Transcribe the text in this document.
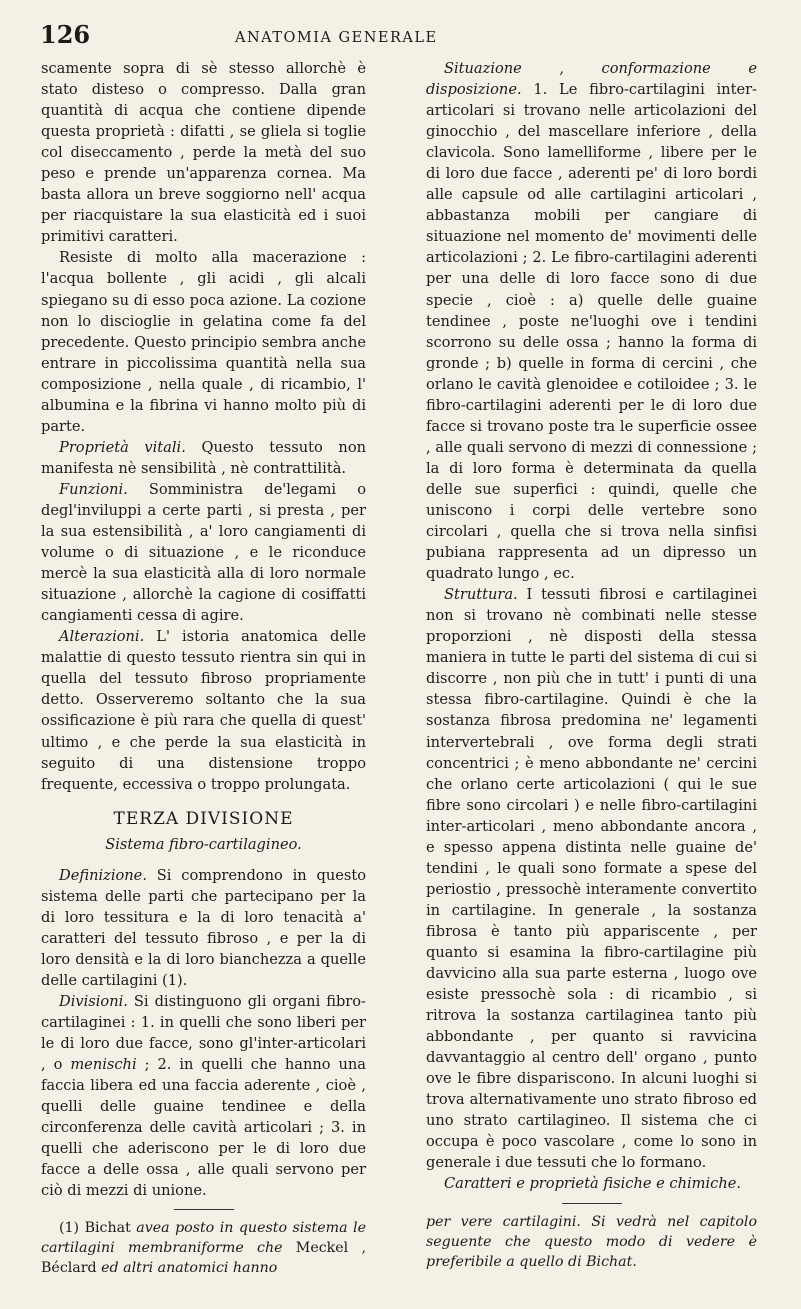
126	ANATOMIA GENERALE

scamente sopra di sè stesso allorchè è stato disteso o compresso. Dalla gran quantità di acqua che contiene dipende questa proprietà : difatti , se gliela si toglie col diseccamento , perde la metà del suo peso e prende un'apparenza cornea. Ma basta allora un breve soggiorno nell' acqua per riacquistare la sua elasticità ed i suoi primitivi caratteri.

Resiste di molto alla macerazione : l'acqua bollente , gli acidi , gli alcali spiegano su di esso poca azione. La cozione non lo discioglie in gelatina come fa del precedente. Questo principio sembra anche entrare in piccolissima quantità nella sua composizione , nella quale , di ricambio, l' albumina e la fibrina vi hanno molto più di parte.

Proprietà vitali. Questo tessuto non manifesta nè sensibilità , nè contrattilità.

Funzioni. Somministra de'legami o degl'inviluppi a certe parti , si presta , per la sua estensibilità , a' loro cangiamenti di volume o di situazione , e le riconduce mercè la sua elasticità alla di loro normale situazione , allorchè la cagione di cosiffatti cangiamenti cessa di agire.

Alterazioni. L' istoria anatomica delle malattie di questo tessuto rientra sin qui in quella del tessuto fibroso propriamente detto. Osserveremo soltanto che la sua ossificazione è più rara che quella di quest' ultimo , e che perde la sua elasticità in seguito di una distensione troppo frequente, eccessiva o troppo prolungata.

TERZA DIVISIONE
Sistema fibro-cartilagineo.

Definizione. Si comprendono in questo sistema delle parti che partecipano per la di loro tessitura e la di loro tenacità a' caratteri del tessuto fibroso , e per la di loro densità e la di loro bianchezza a quelle delle cartilagini (1).

Divisioni. Si distinguono gli organi fibro-cartilaginei : 1. in quelli che sono liberi per le di loro due facce, sono gl'inter-articolari , o menischi ; 2. in quelli che hanno una faccia libera ed una faccia aderente , cioè , quelli delle guaine tendinee e della circonferenza delle cavità articolari ; 3. in quelli che aderiscono per le di loro due facce a delle ossa , alle quali servono per ciò di mezzi di unione.

(1) Bichat avea posto in questo sistema le cartilagini membraniforme che Meckel , Béclard ed altri anatomici hanno

Situazione , conformazione e disposizione. 1. Le fibro-cartilagini inter-articolari si trovano nelle articolazioni del ginocchio , del mascellare inferiore , della clavicola. Sono lamelliforme , libere per le di loro due facce , aderenti pe' di loro bordi alle capsule od alle cartilagini articolari , abbastanza mobili per cangiare di situazione nel momento de' movimenti delle articolazioni ; 2. Le fibro-cartilagini aderenti per una delle di loro facce sono di due specie , cioè : a) quelle delle guaine tendinee , poste ne'luoghi ove i tendini scorrono su delle ossa ; hanno la forma di gronde ; b) quelle in forma di cercini , che orlano le cavità glenoidee e cotiloidee ; 3. le fibro-cartilagini aderenti per le di loro due facce si trovano poste tra le superficie ossee , alle quali servono di mezzi di connessione ; la di loro forma è determinata da quella delle sue superfici : quindi, quelle che uniscono i corpi delle vertebre sono circolari , quella che si trova nella sinfisi pubiana rappresenta ad un dipresso un quadrato lungo , ec.

Struttura. I tessuti fibrosi e cartilaginei non si trovano nè combinati nelle stesse proporzioni , nè disposti della stessa maniera in tutte le parti del sistema di cui si discorre , non più che in tutt' i punti di una stessa fibro-cartilagine. Quindi è che la sostanza fibrosa predomina ne' legamenti intervertebrali , ove forma degli strati concentrici ; è meno abbondante ne' cercini che orlano certe articolazioni ( qui le sue fibre sono circolari ) e nelle fibro-cartilagini inter-articolari , meno abbondante ancora , e spesso appena distinta nelle guaine de' tendini , le quali sono formate a spese del periostio , pressochè interamente convertito in cartilagine. In generale , la sostanza fibrosa è tanto più appariscente , per quanto si esamina la fibro-cartilagine più davvicino alla sua parte esterna , luogo ove esiste pressochè sola : di ricambio , si ritrova la sostanza cartilaginea tanto più abbondante , per quanto si ravvicina davvantaggio al centro dell' organo , punto ove le fibre dispariscono. In alcuni luoghi si trova alternativamente uno strato fibroso ed uno strato cartilagineo. Il sistema che ci occupa è poco vascolare , come lo sono in generale i due tessuti che lo formano.

Caratteri e proprietà fisiche e chimiche.

per vere cartilagini. Si vedrà nel capitolo seguente che questo modo di vedere è preferibile a quello di Bichat.
